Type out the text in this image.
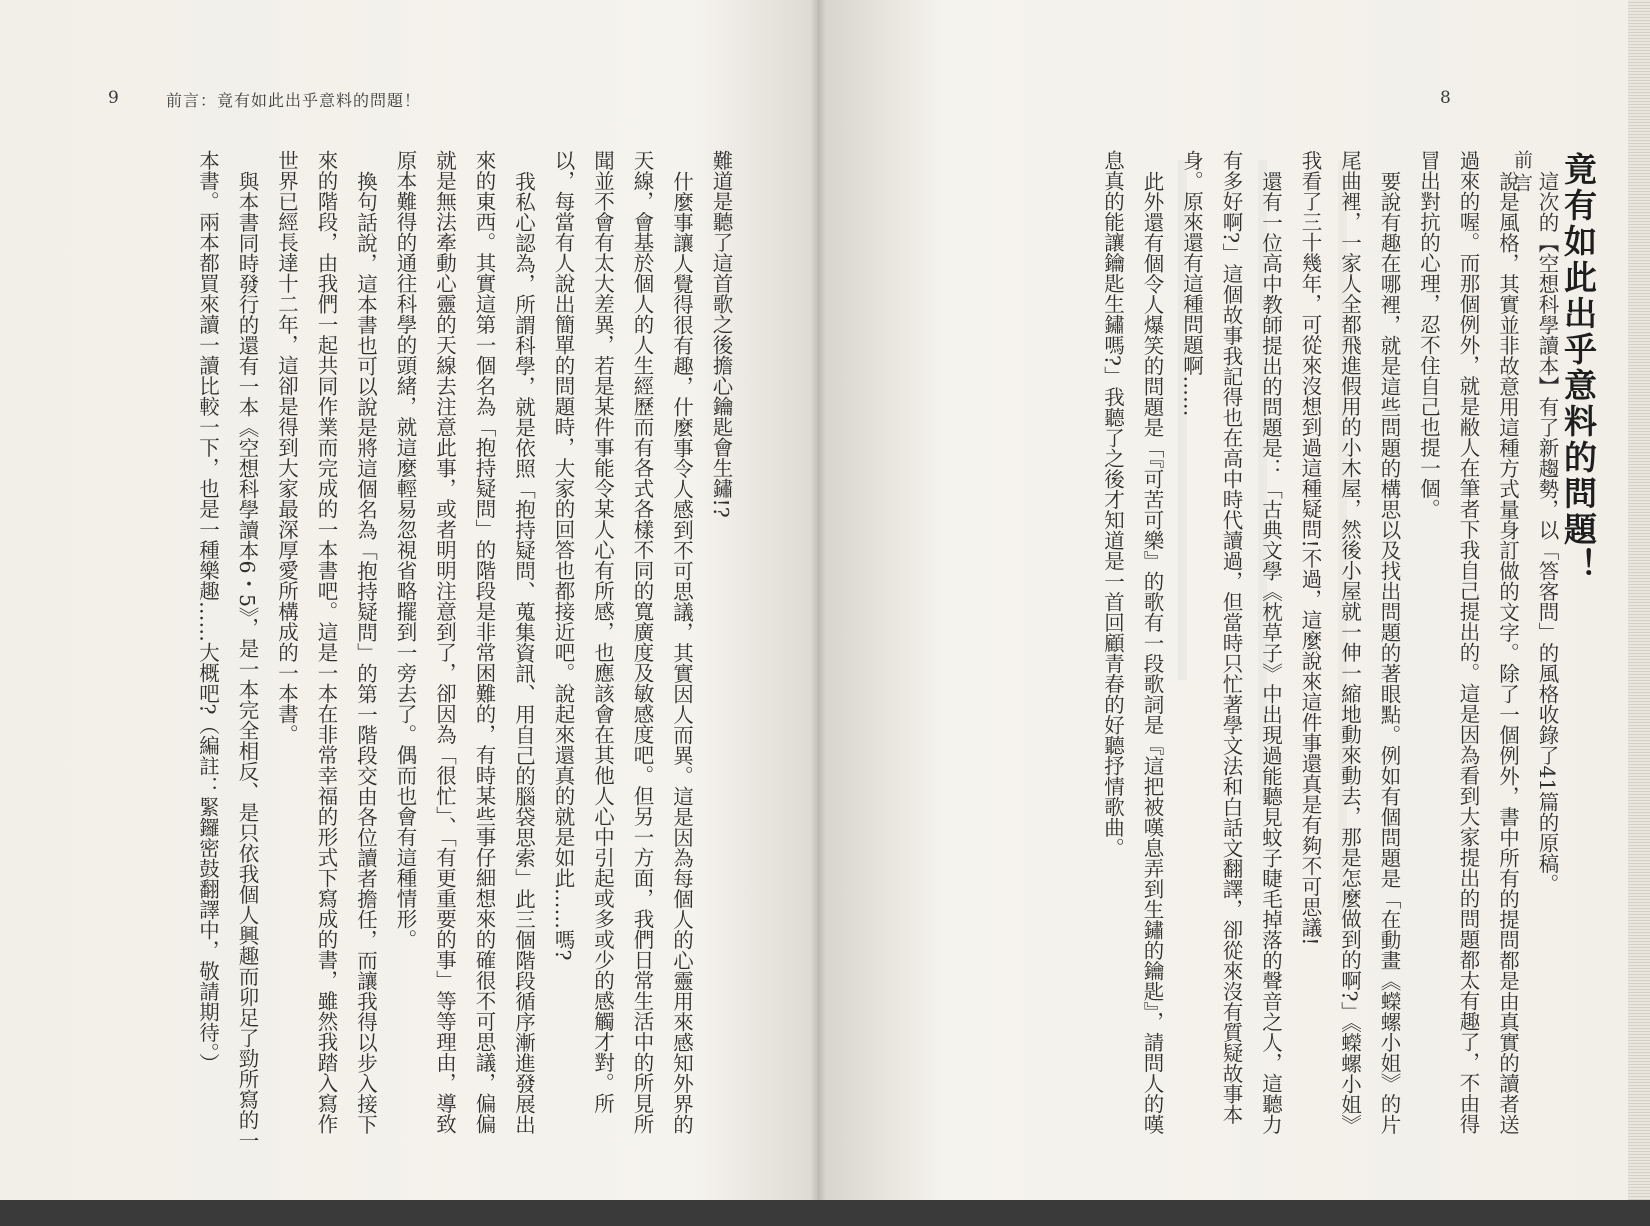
9	前言：竟有如此出乎意料的問題！

難道是聽了這首歌之後擔心鑰匙會生鏽!?

什麼事讓人覺得很有趣，什麼事令人感到不可思議，其實因人而異。這是因為每個人的心靈用來感知外界的天線，會基於個人的人生經歷而有各式各樣不同的寬廣度及敏感度吧。但另一方面，我們日常生活中的所見所聞並不會有太大差異，若是某件事能令某人心有所感，也應該會在其他人心中引起或多或少的感觸才對。所以，每當有人說出簡單的問題時，大家的回答也都接近吧。說起來還真的就是如此……嗎?

我私心認為，所謂科學，就是依照「抱持疑問、蒐集資訊、用自己的腦袋思索」此三個階段循序漸進發展出來的東西。其實這第一個名為「抱持疑問」的階段是非常困難的，有時某些事仔細想來的確很不可思議，偏偏就是無法牽動心靈的天線去注意此事，或者明明注意到了，卻因為「很忙」、「有更重要的事」等等理由，導致原本難得的通往科學的頭緒，就這麼輕易忽視省略擺到一旁去了。偶而也會有這種情形。

換句話說，這本書也可以說是將這個名為「抱持疑問」的第一階段交由各位讀者擔任，而讓我得以步入接下來的階段，由我們一起共同作業而完成的一本書吧。這是一本在非常幸福的形式下寫成的書，雖然我踏入寫作世界已經長達十二年，這卻是得到大家最深厚愛所構成的一本書。

與本書同時發行的還有一本《空想科學讀本6・5》，是一本完全相反、是只依我個人興趣而卯足了勁所寫的一本書。兩本都買來讀一讀比較一下，也是一種樂趣……大概吧?（編註：緊鑼密鼓翻譯中，敬請期待。）

8
前言 竟有如此出乎意料的問題！

這次的【空想科學讀本】有了新趨勢，以「答客問」的風格收錄了41篇的原稿。

說是風格，其實並非故意用這種方式量身訂做的文字。除了一個例外，書中所有的提問都是由真實的讀者送過來的喔。而那個例外，就是敝人在筆者下我自己提出的。這是因為看到大家提出的問題都太有趣了，不由得冒出對抗的心理，忍不住自己也提一個。

要說有趣在哪裡，就是這些問題的構思以及找出問題的著眼點。例如有個問題是「在動畫《蠑螺小姐》的片尾曲裡，一家人全都飛進假用的小木屋，然後小屋就一伸一縮地動來動去，那是怎麼做到的啊?」《蠑螺小姐》我看了三十幾年，可從來沒想到過這種疑問!不過，這麼說來這件事還真是有夠不可思議!

還有一位高中教師提出的問題是：「古典文學《枕草子》中出現過能聽見蚊子睫毛掉落的聲音之人，這聽力有多好啊?」這個故事我記得也在高中時代讀過，但當時只忙著學文法和白話文翻譯，卻從來沒有質疑故事本身。原來還有這種問題啊……

此外還有個令人爆笑的問題是「『可苦可樂』的歌有一段歌詞是『這把被嘆息弄到生鏽的鑰匙』，請問人的嘆息真的能讓鑰匙生鏽嗎?」我聽了之後才知道是一首回顧青春的好聽抒情歌曲。
